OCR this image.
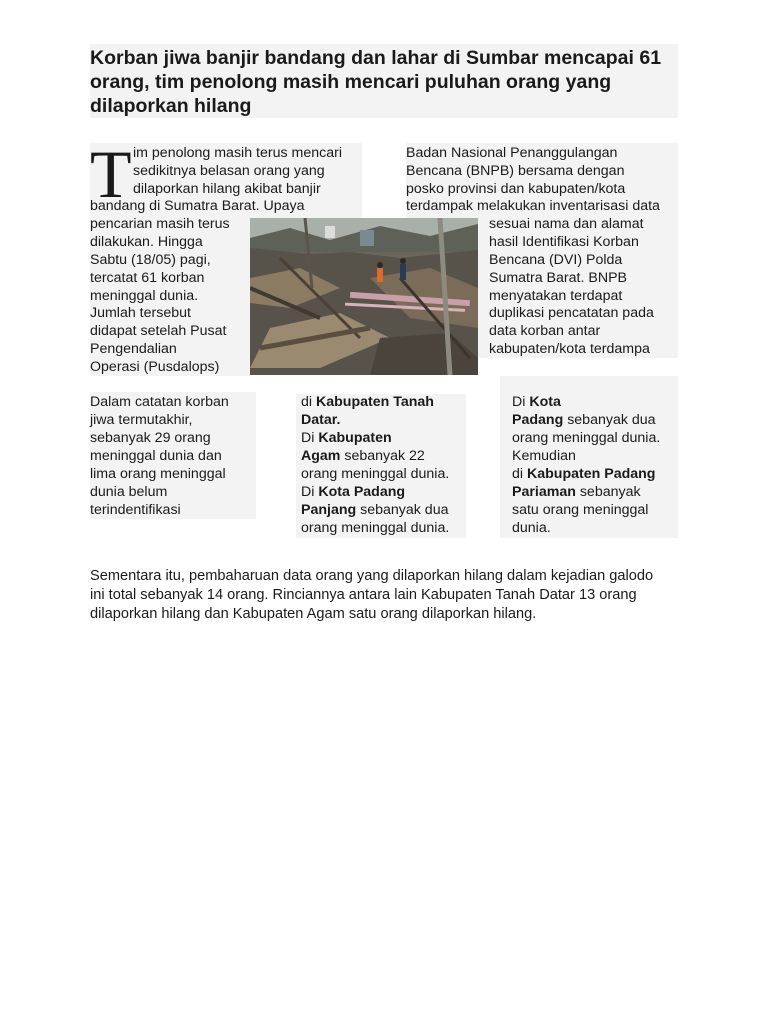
Korban jiwa banjir bandang dan lahar di Sumbar mencapai 61 orang, tim penolong masih mencari puluhan orang yang dilaporkan hilang
T im penolong masih terus mencari

sedikitnya belasan orang yang

dilaporkan hilang akibat banjir

bandang di Sumatra Barat. Upaya

pencarian masih terus

dilakukan. Hingga

Sabtu (18/05) pagi,

tercatat 61 korban

meninggal dunia.

Jumlah tersebut

didapat setelah Pusat

Pengendalian

Operasi (Pusdalops)

Badan Nasional Penanggulangan

Bencana (BNPB) bersama dengan

posko provinsi dan kabupaten/kota

terdampak melakukan inventarisasi data

sesuai nama dan alamat

hasil Identifikasi Korban

Bencana (DVI) Polda

Sumatra Barat. BNPB

menyatakan terdapat

duplikasi pencatatan pada

data korban antar

kabupaten/kota terdampa

Dalam catatan korban

jiwa termutakhir,

sebanyak 29 orang

meninggal dunia dan

lima orang meninggal

dunia belum

terindentifikasi

di Kabupaten Tanah

Datar.

Di Kabupaten

Agam sebanyak 22

orang meninggal dunia.

Di Kota Padang

Panjang sebanyak dua

orang meninggal dunia.

Di Kota

Padang sebanyak dua

orang meninggal dunia.

Kemudian

di Kabupaten Padang

Pariaman sebanyak

satu orang meninggal

dunia.

Sementara itu, pembaharuan data orang yang dilaporkan hilang dalam kejadian galodo

ini total sebanyak 14 orang. Rinciannya antara lain Kabupaten Tanah Datar 13 orang

dilaporkan hilang dan Kabupaten Agam satu orang dilaporkan hilang.
